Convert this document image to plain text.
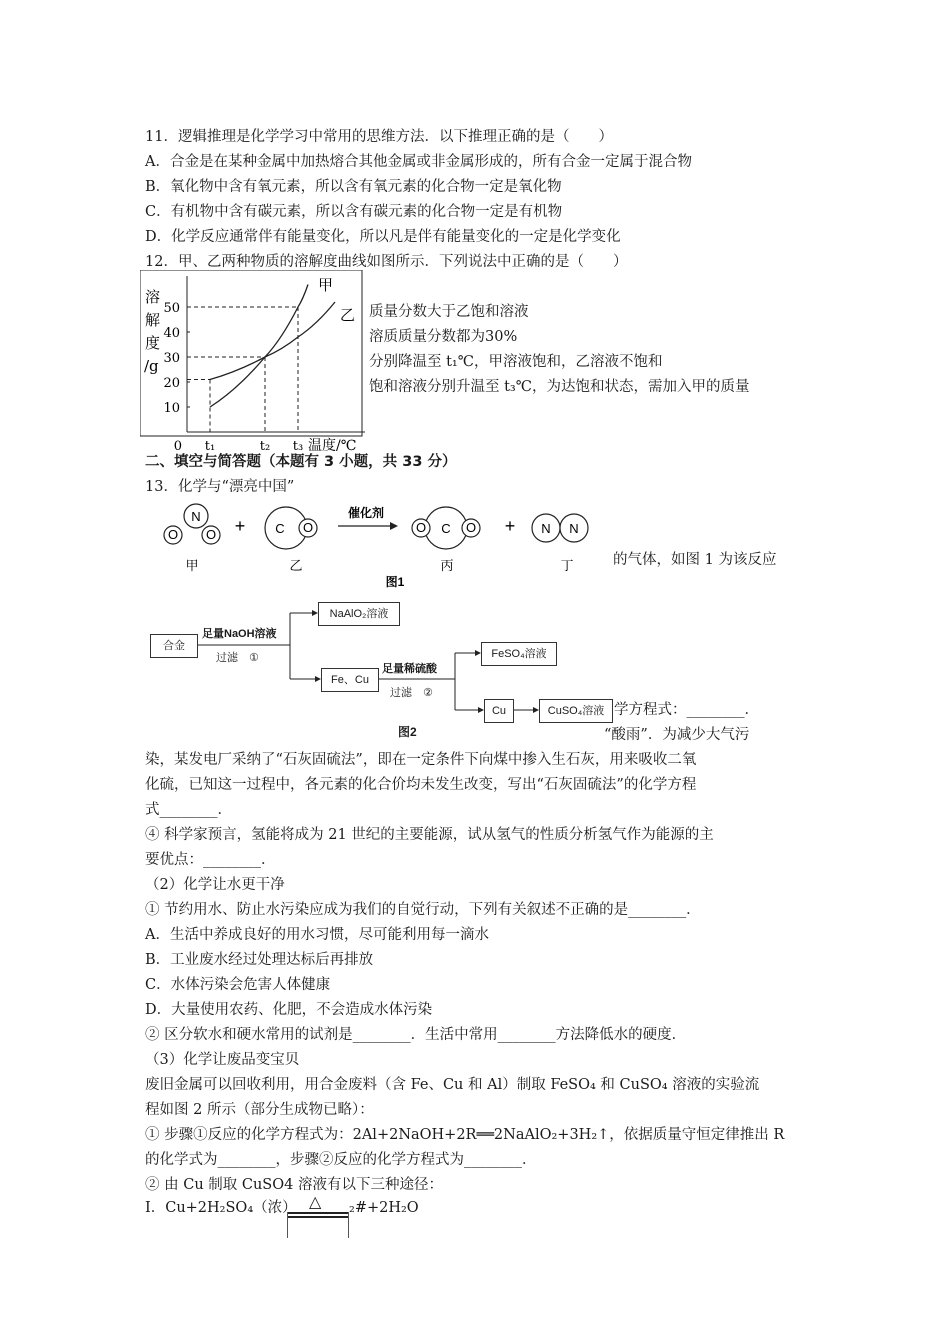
11．逻辑推理是化学学习中常用的思维方法．以下推理正确的是（　　）
A．合金是在某种金属中加热熔合其他金属或非金属形成的，所有合金一定属于混合物
B．氧化物中含有氧元素，所以含有氧元素的化合物一定是氧化物
C．有机物中含有碳元素，所以含有碳元素的化合物一定是有机物
D．化学反应通常伴有能量变化，所以凡是伴有能量变化的一定是化学变化
12．甲、乙两种物质的溶解度曲线如图所示．下列说法中正确的是（　　）
质量分数大于乙饱和溶液
溶质质量分数都为30%
分别降温至 t₁℃，甲溶液饱和，乙溶液不饱和
饱和溶液分别升温至 t₃℃，为达饱和状态，需加入甲的质量
溶
解
度
/g
10
20
30
40
50
0 t₁	t₂ t₃
甲
乙
温度/℃
二、填空与简答题（本题有 3 小题，共 33 分）
13．化学与“漂亮中国”
N
O O + C O
催化剂
C
O	O + N N
甲	乙	丙	丁
图1
的气体，如图 1 为该反应
合金
足量NaOH溶液
过滤　①
NaAlO₂溶液
Fe、Cu
足量稀硫酸
过滤　②
FeSO₄溶液
Cu	CuSO₄溶液
图2
学方程式：________．
“酸雨”．为减少大气污
染，某发电厂采纳了“石灰固硫法”，即在一定条件下向煤中掺入生石灰，用来吸收二氧
化硫，已知这一过程中，各元素的化合价均未发生改变，写出“石灰固硫法”的化学方程
式________．
④ 科学家预言，氢能将成为 21 世纪的主要能源，试从氢气的性质分析氢气作为能源的主
要优点：________．
（2）化学让水更干净
① 节约用水、防止水污染应成为我们的自觉行动，下列有关叙述不正确的是________．
A．生活中养成良好的用水习惯，尽可能利用每一滴水
B．工业废水经过处理达标后再排放
C．水体污染会危害人体健康
D．大量使用农药、化肥，不会造成水体污染
② 区分软水和硬水常用的试剂是________．生活中常用________方法降低水的硬度．
（3）化学让废品变宝贝
废旧金属可以回收利用，用合金废料（含 Fe、Cu 和 Al）制取 FeSO₄ 和 CuSO₄ 溶液的实验流
程如图 2 所示（部分生成物已略）：
① 步骤①反应的化学方程式为：2Al+2NaOH+2R══2NaAlO₂+3H₂↑，依据质量守恒定律推出 R
的化学式为________，步骤②反应的化学方程式为________．
② 由 Cu 制取 CuSO4 溶液有以下三种途径：
I．Cu+2H₂SO₄（浓） △ ₂#+2H₂O
